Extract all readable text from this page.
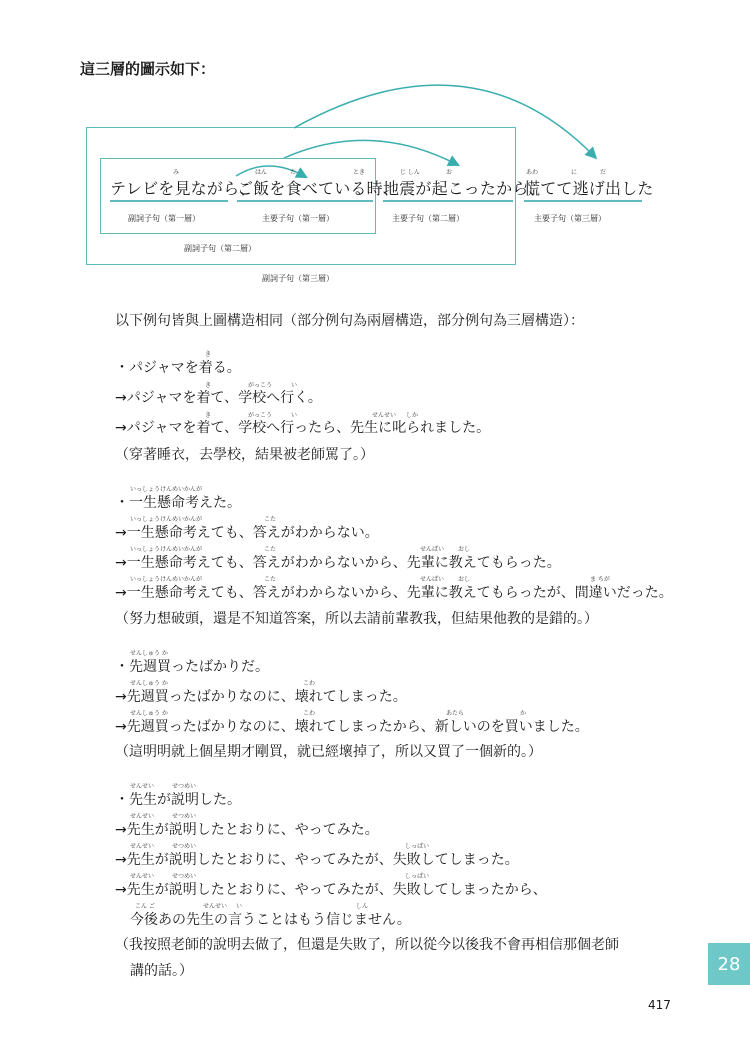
這三層的圖示如下：
み	はん	た	とき	じ しん	お	あわ	に	だ
テレビを見ながら、
ご飯を食べている時、
地震が起こったから、
慌てて逃げ出した
副詞子句（第一層）	主要子句（第一層）	主要子句（第二層）	主要子句（第三層）
副詞子句（第二層）
副詞子句（第三層）
以下例句皆與上圖構造相同（部分例句為兩層構造，部分例句為三層構造）：
き
・パジャマを着る。
き	がっこう	い
→パジャマを着て、学校へ行く。
き	がっこう	い	せんせい しか
→パジャマを着て、学校へ行ったら、先生に叱られました。
（穿著睡衣，去學校，結果被老師罵了。）
いっしょうけんめいかんが
・一生懸命考えた。
いっしょうけんめいかんが	こた
→一生懸命考えても、答えがわからない。
いっしょうけんめいかんが	こた	せんぱい おし
→一生懸命考えても、答えがわからないから、先輩に教えてもらった。
いっしょうけんめいかんが	こた	せんぱい おし	ま ちが
→一生懸命考えても、答えがわからないから、先輩に教えてもらったが、間違いだった。
（努力想破頭，還是不知道答案，所以去請前輩教我，但結果他教的是錯的。）
せんしゅう か
・先週買ったばかりだ。
せんしゅう か	こわ
→先週買ったばかりなのに、壊れてしまった。
せんしゅう か	こわ	あたら	か
→先週買ったばかりなのに、壊れてしまったから、新しいのを買いました。
（這明明就上個星期才剛買，就已經壞掉了，所以又買了一個新的。）
せんせい	せつめい
・先生が説明した。
せんせい	せつめい
→先生が説明したとおりに、やってみた。
せんせい	せつめい	しっぱい
→先生が説明したとおりに、やってみたが、失敗してしまった。
せんせい	せつめい	しっぱい
→先生が説明したとおりに、やってみたが、失敗してしまったから、
こん ご	せんせい い	しん
今後あの先生の言うことはもう信じません。
（我按照老師的說明去做了，但還是失敗了，所以從今以後我不會再相信那個老師
講的話。）	28
417
